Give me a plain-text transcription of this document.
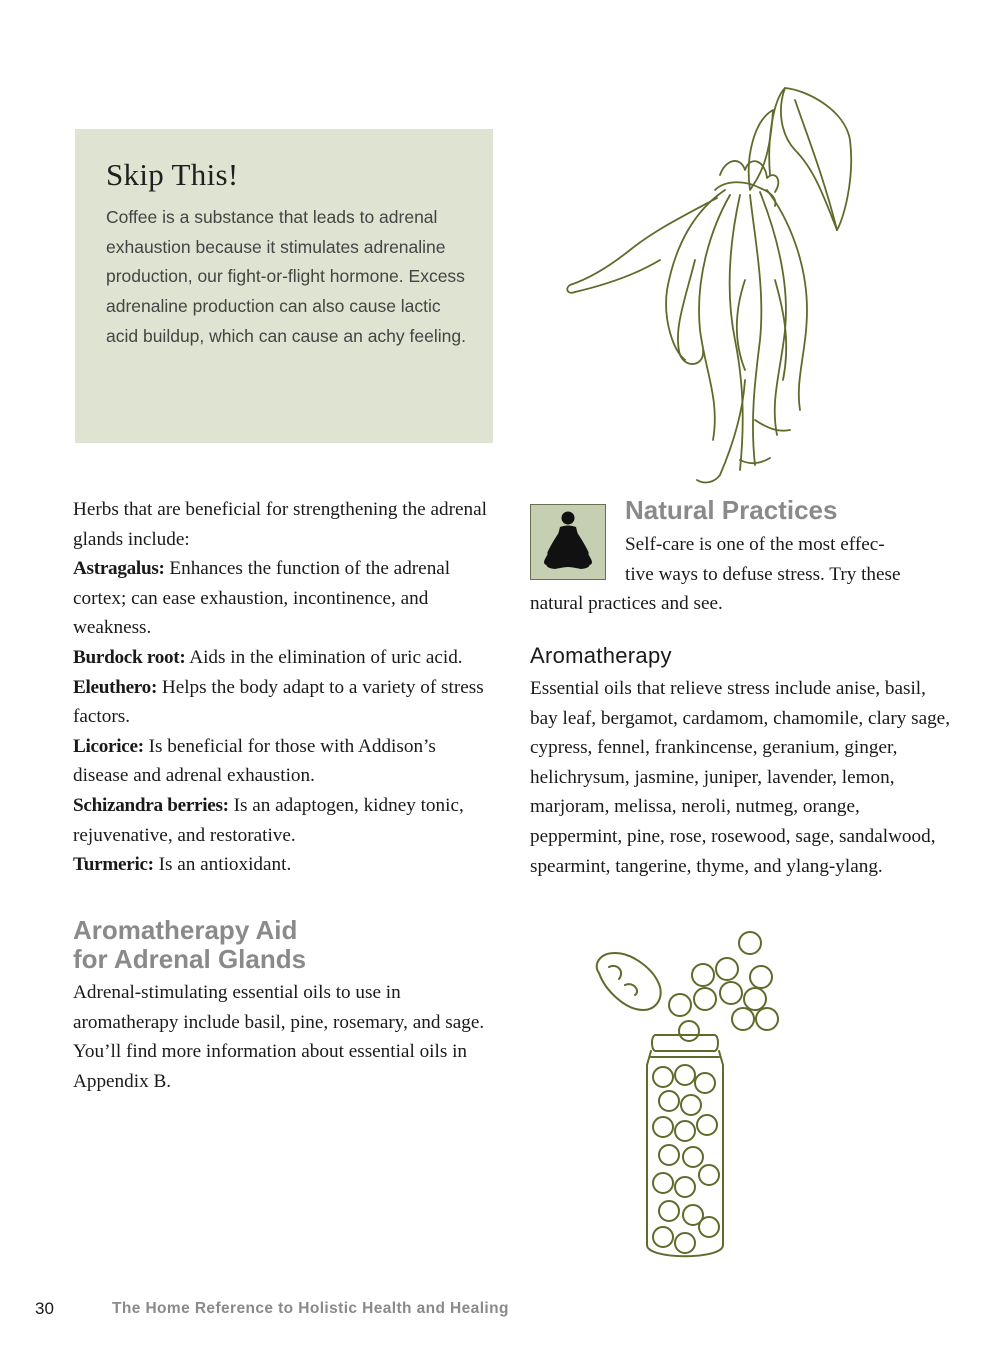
Skip This!

Coffee is a substance that leads to adrenal exhaustion because it stimulates adrenaline production, our fight-or-flight hormone. Excess adrenaline production can also cause lactic acid buildup, which can cause an achy feeling.

Herbs that are beneficial for strengthening the adrenal glands include:

Astragalus: Enhances the function of the adrenal cortex; can ease exhaustion, incontinence, and weakness.
Burdock root: Aids in the elimination of uric acid.
Eleuthero: Helps the body adapt to a variety of stress factors.
Licorice: Is beneficial for those with Addison’s disease and adrenal exhaustion.
Schizandra berries: Is an adaptogen, kidney tonic, rejuvenative, and restorative.
Turmeric: Is an antioxidant.

Aromatherapy Aid
for Adrenal Glands

Adrenal-stimulating essential oils to use in aromatherapy include basil, pine, rosemary, and sage. You’ll find more information about essential oils in Appendix B.

Natural Practices

Self-care is one of the most effec-
tive ways to defuse stress. Try these
natural practices and see.

Aromatherapy

Essential oils that relieve stress include anise, basil, bay leaf, bergamot, cardamom, chamomile, clary sage, cypress, fennel, frankincense, geranium, ginger, helichrysum, jasmine, juniper, lavender, lemon, marjoram, melissa, neroli, nutmeg, orange, peppermint, pine, rose, rosewood, sage, sandalwood, spearmint, tangerine, thyme, and ylang-ylang.

30	The Home Reference to Holistic Health and Healing
